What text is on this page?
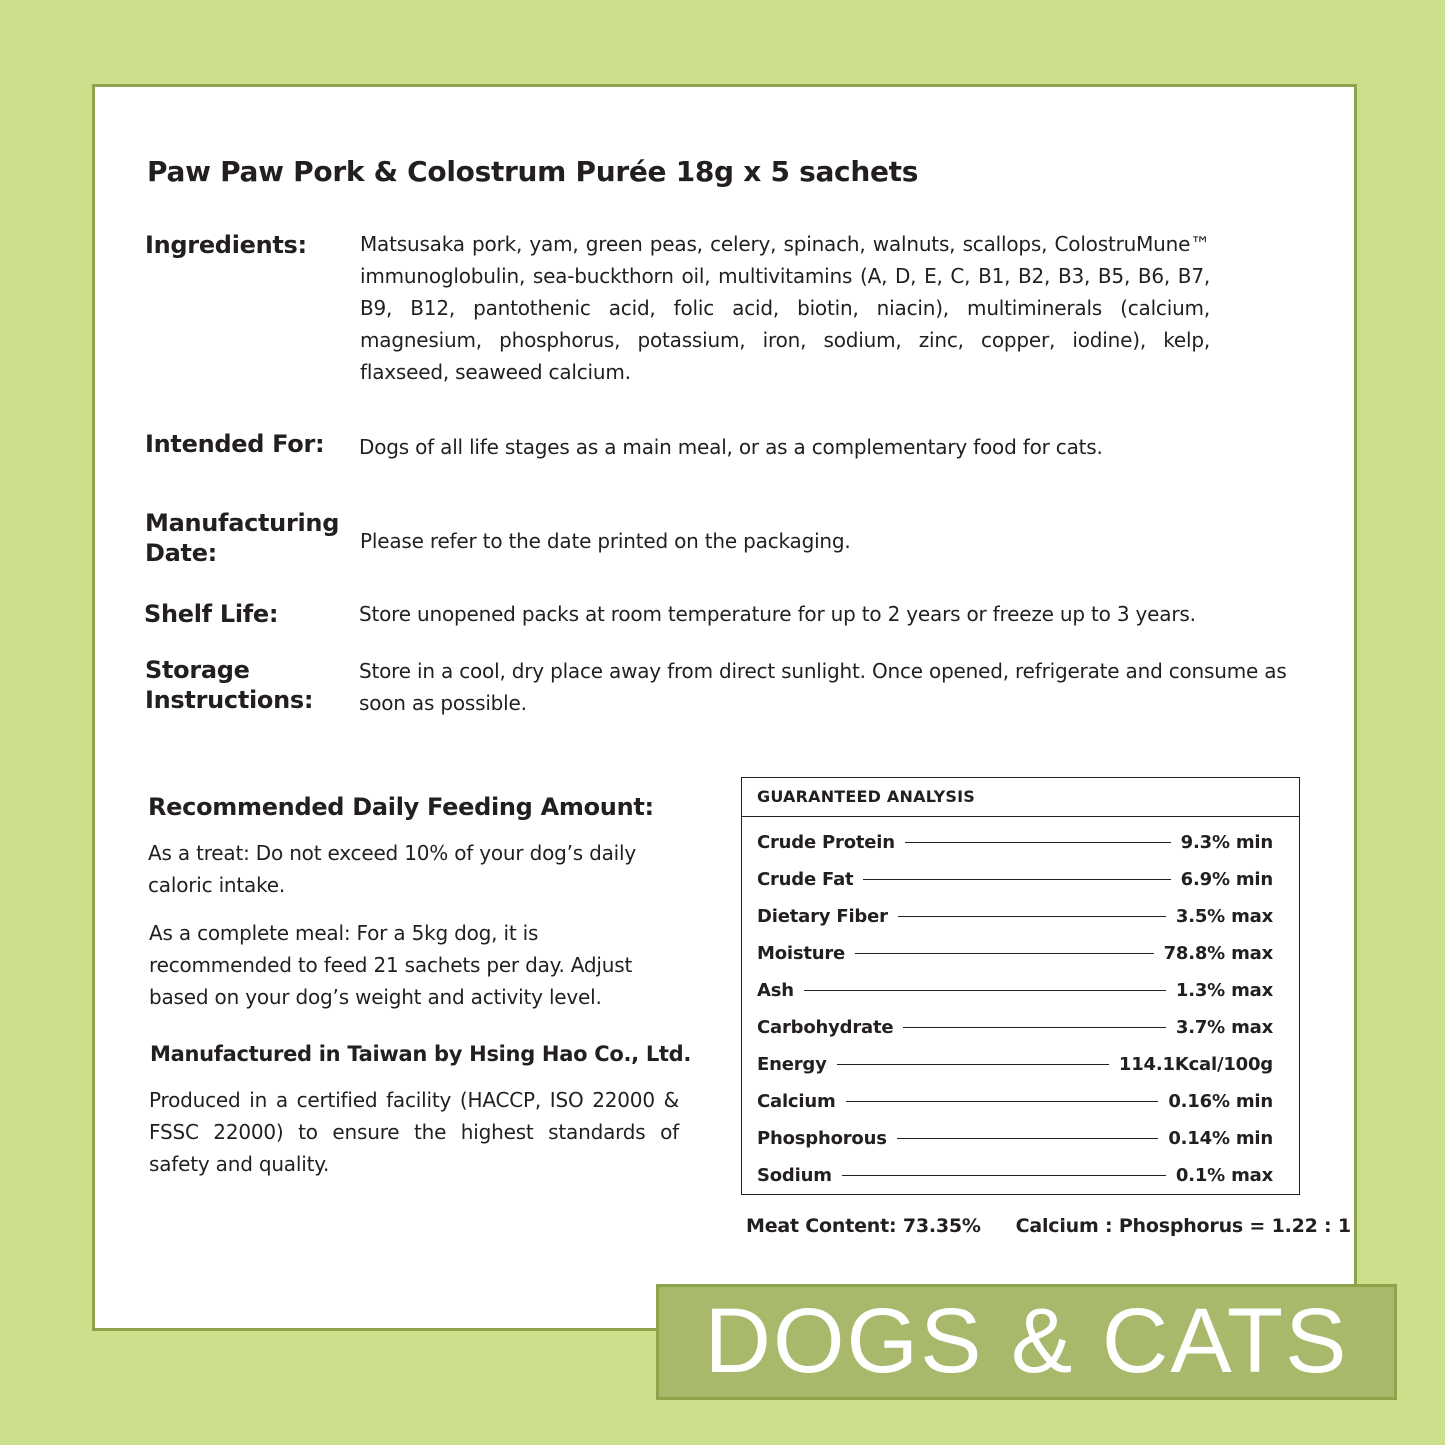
Paw Paw Pork & Colostrum Purée 18g x 5 sachets
Ingredients:	Matsusaka pork, yam, green peas, celery, spinach, walnuts, scallops, ColostruMune™ immunoglobulin, sea-buckthorn oil, multivitamins (A, D, E, C, B1, B2, B3, B5, B6, B7, B9, B12, pantothenic acid, folic acid, biotin, niacin), multiminerals (calcium, magnesium, phosphorus, potassium, iron, sodium, zinc, copper, iodine), kelp, flaxseed, seaweed calcium.
Intended For: Dogs of all life stages as a main meal, or as a complementary food for cats.
Manufacturing
Date:	Please refer to the date printed on the packaging.
Shelf Life:	Store unopened packs at room temperature for up to 2 years or freeze up to 3 years.
Storage
Instructions:
Store in a cool, dry place away from direct sunlight. Once opened, refrigerate and consume as soon as possible.
Recommended Daily Feeding Amount:
As a treat: Do not exceed 10% of your dog’s daily caloric intake.
As a complete meal: For a 5kg dog, it is recommended to feed 21 sachets per day. Adjust based on your dog’s weight and activity level.
Manufactured in Taiwan by Hsing Hao Co., Ltd.
Produced in a certified facility (HACCP, ISO 22000 & FSSC 22000) to ensure the highest standards of safety and quality.
GUARANTEED ANALYSIS
Crude Protein	9.3% min
Crude Fat	6.9% min
Dietary Fiber	3.5% max
Moisture	78.8% max
Ash	1.3% max
Carbohydrate	3.7% max
Energy	114.1Kcal/100g
Calcium	0.16% min
Phosphorous	0.14% min
Sodium	0.1% max
Meat Content: 73.35% Calcium : Phosphorus = 1.22 : 1
DOGS & CATS
